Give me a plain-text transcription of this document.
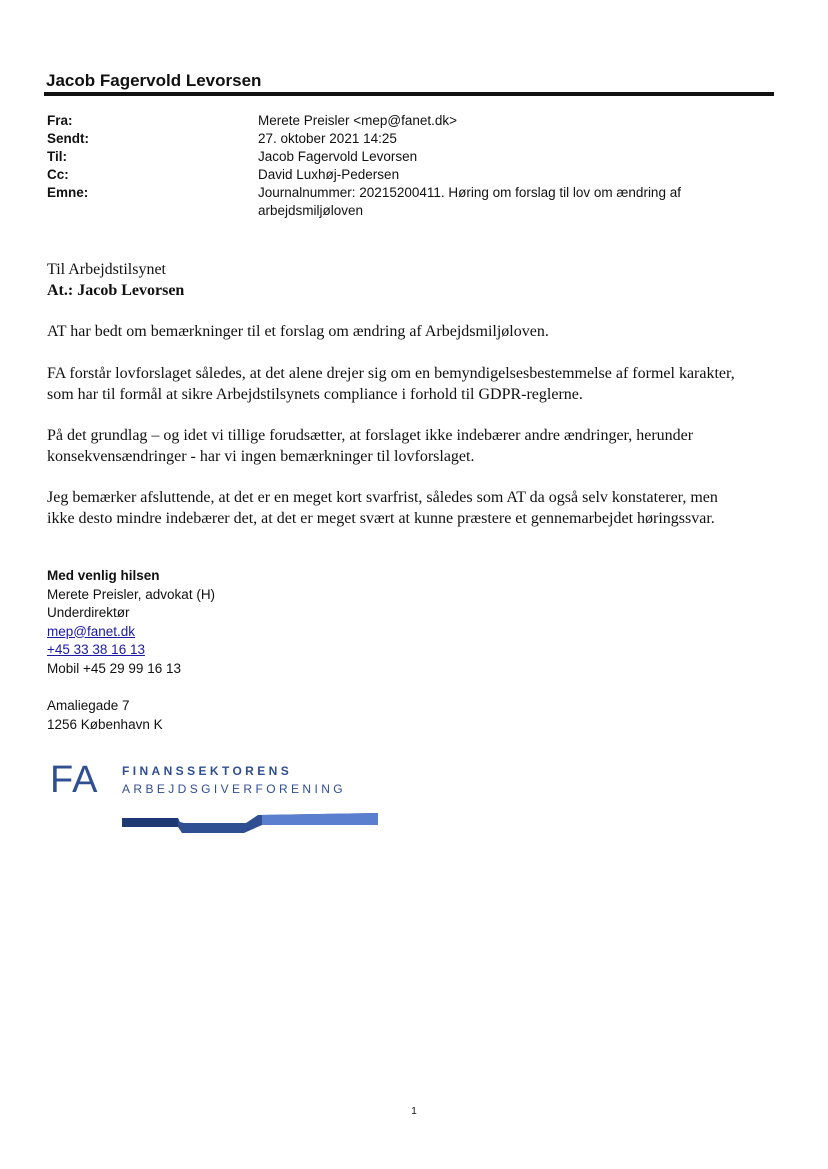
Jacob Fagervold Levorsen
Fra:	Merete Preisler <mep@fanet.dk>
Sendt:	27. oktober 2021 14:25
Til:	Jacob Fagervold Levorsen
Cc:	David Luxhøj-Pedersen
Emne:	Journalnummer: 20215200411. Høring om forslag til lov om ændring af
arbejdsmiljøloven

Til Arbejdstilsynet

At.: Jacob Levorsen

AT har bedt om bemærkninger til et forslag om ændring af Arbejdsmiljøloven.

FA forstår lovforslaget således, at det alene drejer sig om en bemyndigelsesbestemmelse af formel karakter,

som har til formål at sikre Arbejdstilsynets compliance i forhold til GDPR-reglerne.

På det grundlag – og idet vi tillige forudsætter, at forslaget ikke indebærer andre ændringer, herunder

konsekvensændringer - har vi ingen bemærkninger til lovforslaget.

Jeg bemærker afsluttende, at det er en meget kort svarfrist, således som AT da også selv konstaterer, men

ikke desto mindre indebærer det, at det er meget svært at kunne præstere et gennemarbejdet høringssvar.

Med venlig hilsen
Merete Preisler, advokat (H)
Underdirektør
mep@fanet.dk
+45 33 38 16 13
Mobil +45 29 99 16 13
Amaliegade 7
1256 København K
FA FINANSSEKTORENS
ARBEJDSGIVERFORENING
1
